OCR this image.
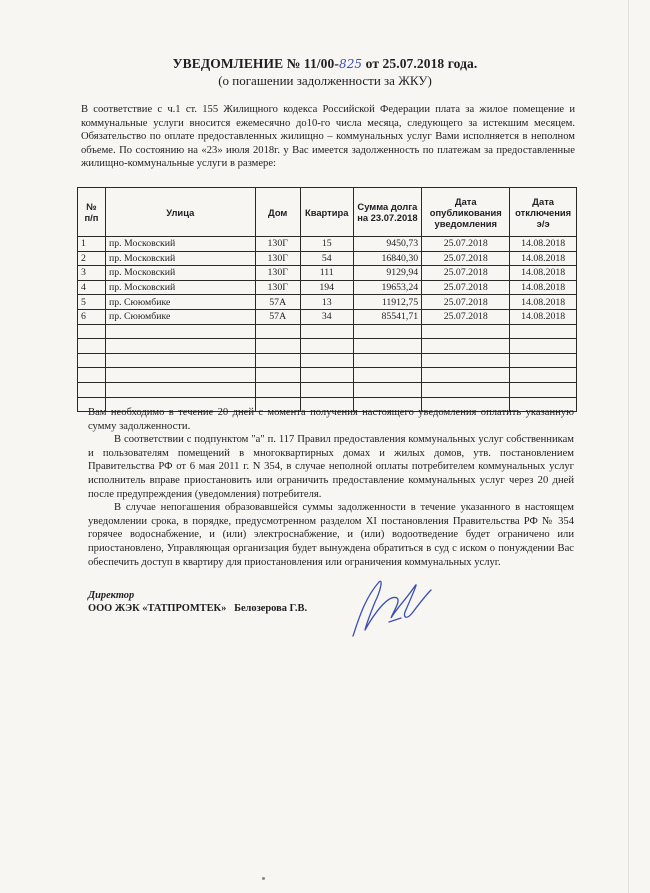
УВЕДОМЛЕНИЕ № 11/00-825 от 25.07.2018 года.
(о погашении задолженности за ЖКУ)

В соответствие с ч.1 ст. 155 Жилищного кодекса Российской Федерации плата за жилое помещение и коммунальные услуги вносится ежемесячно до10-го числа месяца, следующего за истекшим месяцем. Обязательство по оплате предоставленных жилищно – коммунальных услуг Вами исполняется в неполном объеме. По состоянию на «23» июля 2018г. у Вас имеется задолженность по платежам за предоставленные жилищно-коммунальные услуги в размере:

№ п/п	Улица	Дом	Квартира	Сумма долга на 23.07.2018	Дата опубликования уведомления	Дата отключения э/э
1	пр. Московский	130Г	15	9450,73	25.07.2018	14.08.2018
2	пр. Московский	130Г	54	16840,30	25.07.2018	14.08.2018
3	пр. Московский	130Г	111	9129,94	25.07.2018	14.08.2018
4	пр. Московский	130Г	194	19653,24	25.07.2018	14.08.2018
5	пр. Сююмбике	57А	13	11912,75	25.07.2018	14.08.2018
6	пр. Сююмбике	57А	34	85541,71	25.07.2018	14.08.2018

Вам необходимо в течение 20 дней с момента получения настоящего уведомления оплатить указанную сумму задолженности.

В соответствии с подпунктом "а" п. 117 Правил предоставления коммунальных услуг собственникам и пользователям помещений в многоквартирных домах и жилых домов, утв. постановлением Правительства РФ от 6 мая 2011 г. N 354, в случае неполной оплаты потребителем коммунальных услуг исполнитель вправе приостановить или ограничить предоставление коммунальных услуг через 20 дней после предупреждения (уведомления) потребителя.

В случае непогашения образовавшейся суммы задолженности в течение указанного в настоящем уведомлении срока, в порядке, предусмотренном разделом XI постановления Правительства РФ № 354 горячее водоснабжение, и (или) электроснабжение, и (или) водоотведение будет ограничено или приостановлено, Управляющая организация будет вынуждена обратиться в суд с иском о понуждении Вас обеспечить доступ в квартиру для приостановления или ограничения коммунальных услуг.

Директор
ООО ЖЭК «ТАТПРОМТЕК» Белозерова Г.В.
